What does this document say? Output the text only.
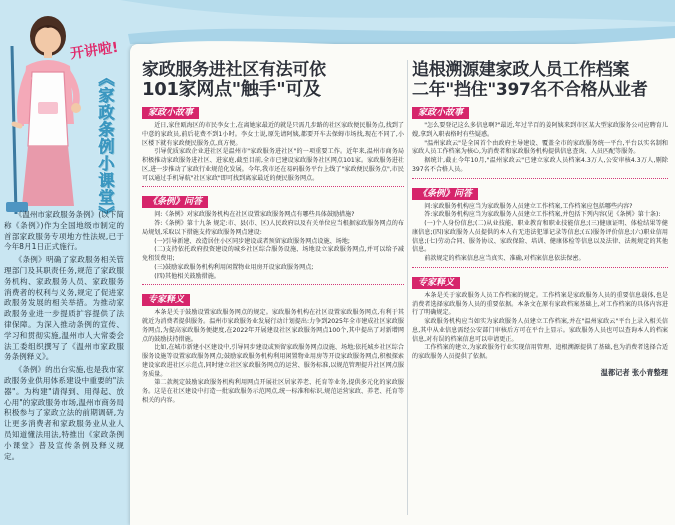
开讲啦!
《家政条例小课堂》

《温州市家政服务条例》(以下简称《条例》)作为全国地级市制定的首部家政服务专项地方性法规,已于今年8月1日正式施行。

《条例》明确了家政服务相关管理部门及其职责任务,规范了家政服务机构、家政服务人员、家政服务消费者的权利与义务,规定了促进家政服务发展的相关举措。为推动家政服务业进一步提质扩容提供了法律保障。为深入推动条例的宣传、学习和贯彻实施,温州市人大常委会法工委组织撰写了《温州市家政服务条例释义》。

《条例》的出台实施,也是我市家政服务业供用体系建设中重要的"法器"。为构建"请得到、用得起、放心用"的家政服务市场,温州市商务局积极参与了家政立法的前期调研,为让更多消费者和家政服务业从业人员知道懂法用法,特推出《家政条例小课堂》普及宣传条例及释义规定。

家政服务进社区有法可依
101家网点"触手"可及
家政小故事

近日,家住瓯海区的市民李女士,在离她家最近的就是只需几步路的社区家政便民服务点,找到了中意的家政员,前后花费不到1小时。李女士说,原先请阿姨,都要开车去保姆市场找,现在不同了,小区楼下就有家政便民服务点,真方便。

引导优质家政企业进社区是温州市"家政服务进社区"的一项重要工作。近年来,温州市商务局积极推动家政服务进社区、进家庭,截至目前,全市已建设家政服务社区网点101家。家政服务进社区,进一步推动了家政行业规范化发展。今年,我市还在易码服务平台上线了"家政便民服务点",市民可以通过手机导航"社区家政"即可找到离家最近的便民服务网点。

《条例》问答

问:《条例》对家政服务机构在社区设置家政服务网点有哪些具体鼓励措施?

答:《条例》第十九条 规定:市、县(市、区)人民政府以及有关单位应当根据家政服务网点的布局规划,采取以下措施支持家政服务网点建设:

(一)引导新建、改造居住小区同步建设或者预留家政服务网点设施、场地;

(二)支持依托政府投资建设的城乡社区综合服务设施、场地设立家政服务网点,并可以给予减免租赁费用;

(三)鼓励家政服务机构利用闲置物业用房开设家政服务网点;

(四)其他相关鼓励措施。

专家释义

本条是关于鼓励设置家政服务网点的规定。家政服务机构在社区设置家政服务网点,有利于其就近为消费者提供服务。温州市家政服务业发展行动计划提出:力争到2025年全市建成社区家政服务网点,为提高家政服务便捷度,在2022年开展建设社区家政服务网点100个,其中提出了对新增网点的鼓励扶持措施。

比如,在城市新建小区建设中,引导同步建设或预留家政服务网点设施、场地;依托城乡社区综合服务设施等设置家政服务网点;鼓励家政服务机构利用闲置物业用房等开设家政服务网点,积极探索建设家政进社区示范点,同时建立社区家政服务网点的运营、服务标准,以规范管理提升社区网点服务质量。

第二款规定鼓励家政服务机构利用网点开展社区居家养老、托育等业务,提供多元化的家政服务。这是在社区建设中打造一批家政服务示范网点,统一标准和标识,规范运营家政、养老、托育等相关的内容。

追根溯源建家政人员工作档案
二年"挡住"397名不合格从业者
家政小故事

"怎么要登记这么多信息啊?"最近,年过半百的姜阿姨来到市区某大型家政服务公司应聘育儿嫂,拿到入职表格时有些疑惑。

"温州家政云"是全国首个由政府主导建设、覆盖全市的家政服务统一平台,平台以实名制和家政人员工作档案为核心,为消费者和家政服务机构提供信息查询、人员匹配等服务。

据统计,截止今年10月,"温州家政云"已建立家政人员档案4.3万人,公安审核4.3万人,剔除397名不合格人员。

《条例》问答

问:家政服务机构应当为家政服务人员建立工作档案,工作档案应包括哪些内容?

答:家政服务机构应当为家政服务人员建立工作档案,并包括下列内容(见《条例》第十条):

(一)个人身份信息;(二)从业技能、职业教育和职业技能信息;(三)健康证明、体检结果等健康信息;(四)家政服务人员提供的本人有无违法犯罪记录等信息;(五)服务评价信息;(六)职业信用信息;(七)劳动合同、服务协议、家政保险、培训、健康体检等信息以及法律、法规规定的其他信息。

前款规定的档案信息应当真实、准确,对档案信息依法保密。

专家释义

本条是关于家政服务人员工作档案的规定。工作档案是家政服务人员的重要信息载体,也是消费者选择家政服务人员的重要依据。本条文在原有家政档案基础上,对工作档案的具体内容进行了明确规定。

家政服务机构应当如实为家政服务人员建立工作档案,并在"温州家政云"平台上录入相关信息,其中从业信息需经公安部门审核后方可在平台上显示。家政服务人员也可以查询本人的档案信息,对有误的档案信息可以申请更正。

工作档案的建立,为家政服务行业实现信用管理、追根溯源提供了基础,也为消费者选择合适的家政服务人员提供了依据。

温都记者 张小青整理
